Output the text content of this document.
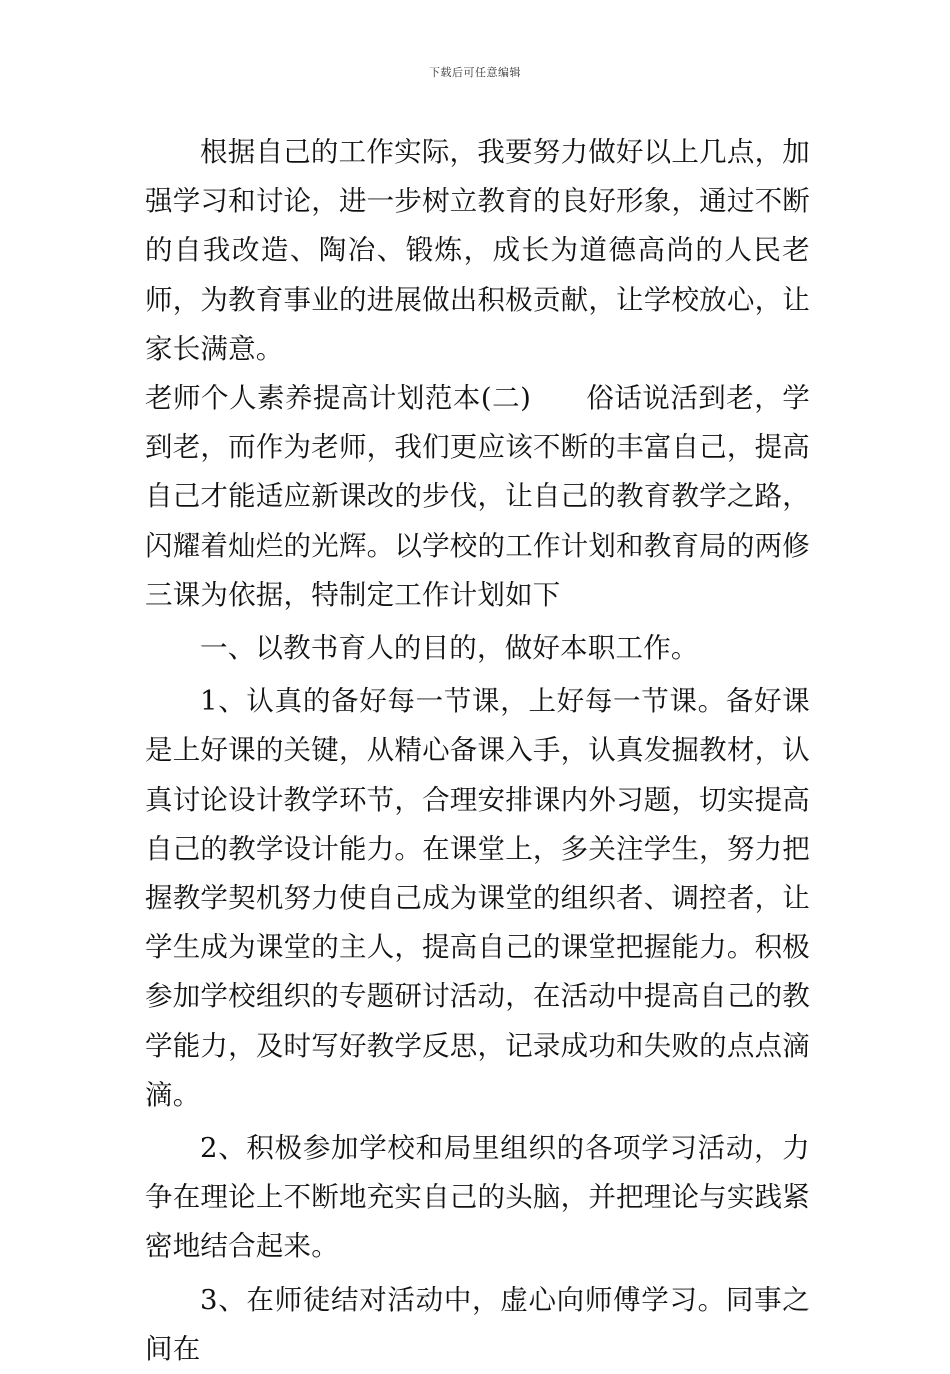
下载后可任意编辑

根据自己的工作实际，我要努力做好以上几点，加强学习和讨论，进一步树立教育的良好形象，通过不断的自我改造、陶冶、锻炼，成长为道德高尚的人民老师，为教育事业的进展做出积极贡献，让学校放心，让家长满意。

老师个人素养提高计划范本(二) 俗话说活到老，学到老，而作为老师，我们更应该不断的丰富自己，提高自己才能适应新课改的步伐，让自己的教育教学之路，闪耀着灿烂的光辉。以学校的工作计划和教育局的两修三课为依据，特制定工作计划如下

一、以教书育人的目的，做好本职工作。

1、认真的备好每一节课，上好每一节课。备好课是上好课的关键，从精心备课入手，认真发掘教材，认真讨论设计教学环节，合理安排课内外习题，切实提高自己的教学设计能力。在课堂上，多关注学生，努力把握教学契机努力使自己成为课堂的组织者、调控者，让学生成为课堂的主人，提高自己的课堂把握能力。积极参加学校组织的专题研讨活动，在活动中提高自己的教学能力，及时写好教学反思，记录成功和失败的点点滴滴。

2、积极参加学校和局里组织的各项学习活动，力争在理论上不断地充实自己的头脑，并把理论与实践紧密地结合起来。

3、在师徒结对活动中，虚心向师傅学习。同事之间在
